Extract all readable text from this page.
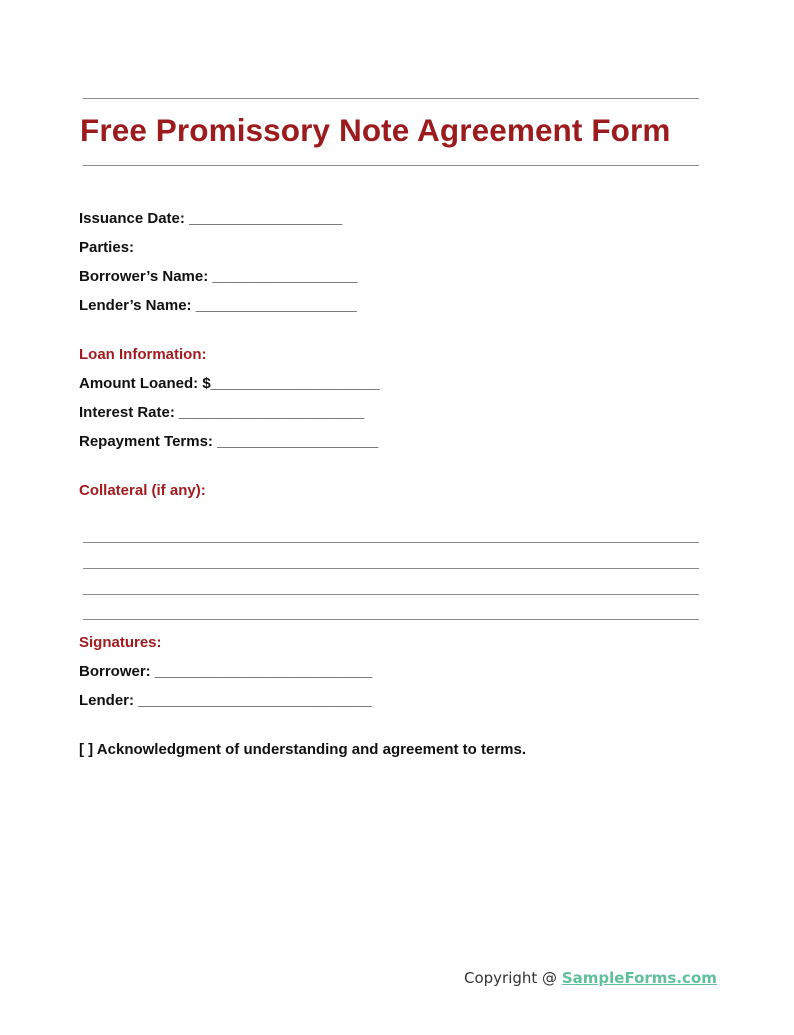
Free Promissory Note Agreement Form
Issuance Date: ___________________
Parties:
Borrower’s Name: __________________
Lender’s Name: ____________________
Loan Information:
Amount Loaned: $_____________________
Interest Rate: _______________________
Repayment Terms: ____________________
Collateral (if any):
Signatures:
Borrower: ___________________________
Lender: _____________________________
[ ] Acknowledgment of understanding and agreement to terms.
Copyright @ SampleForms.com
